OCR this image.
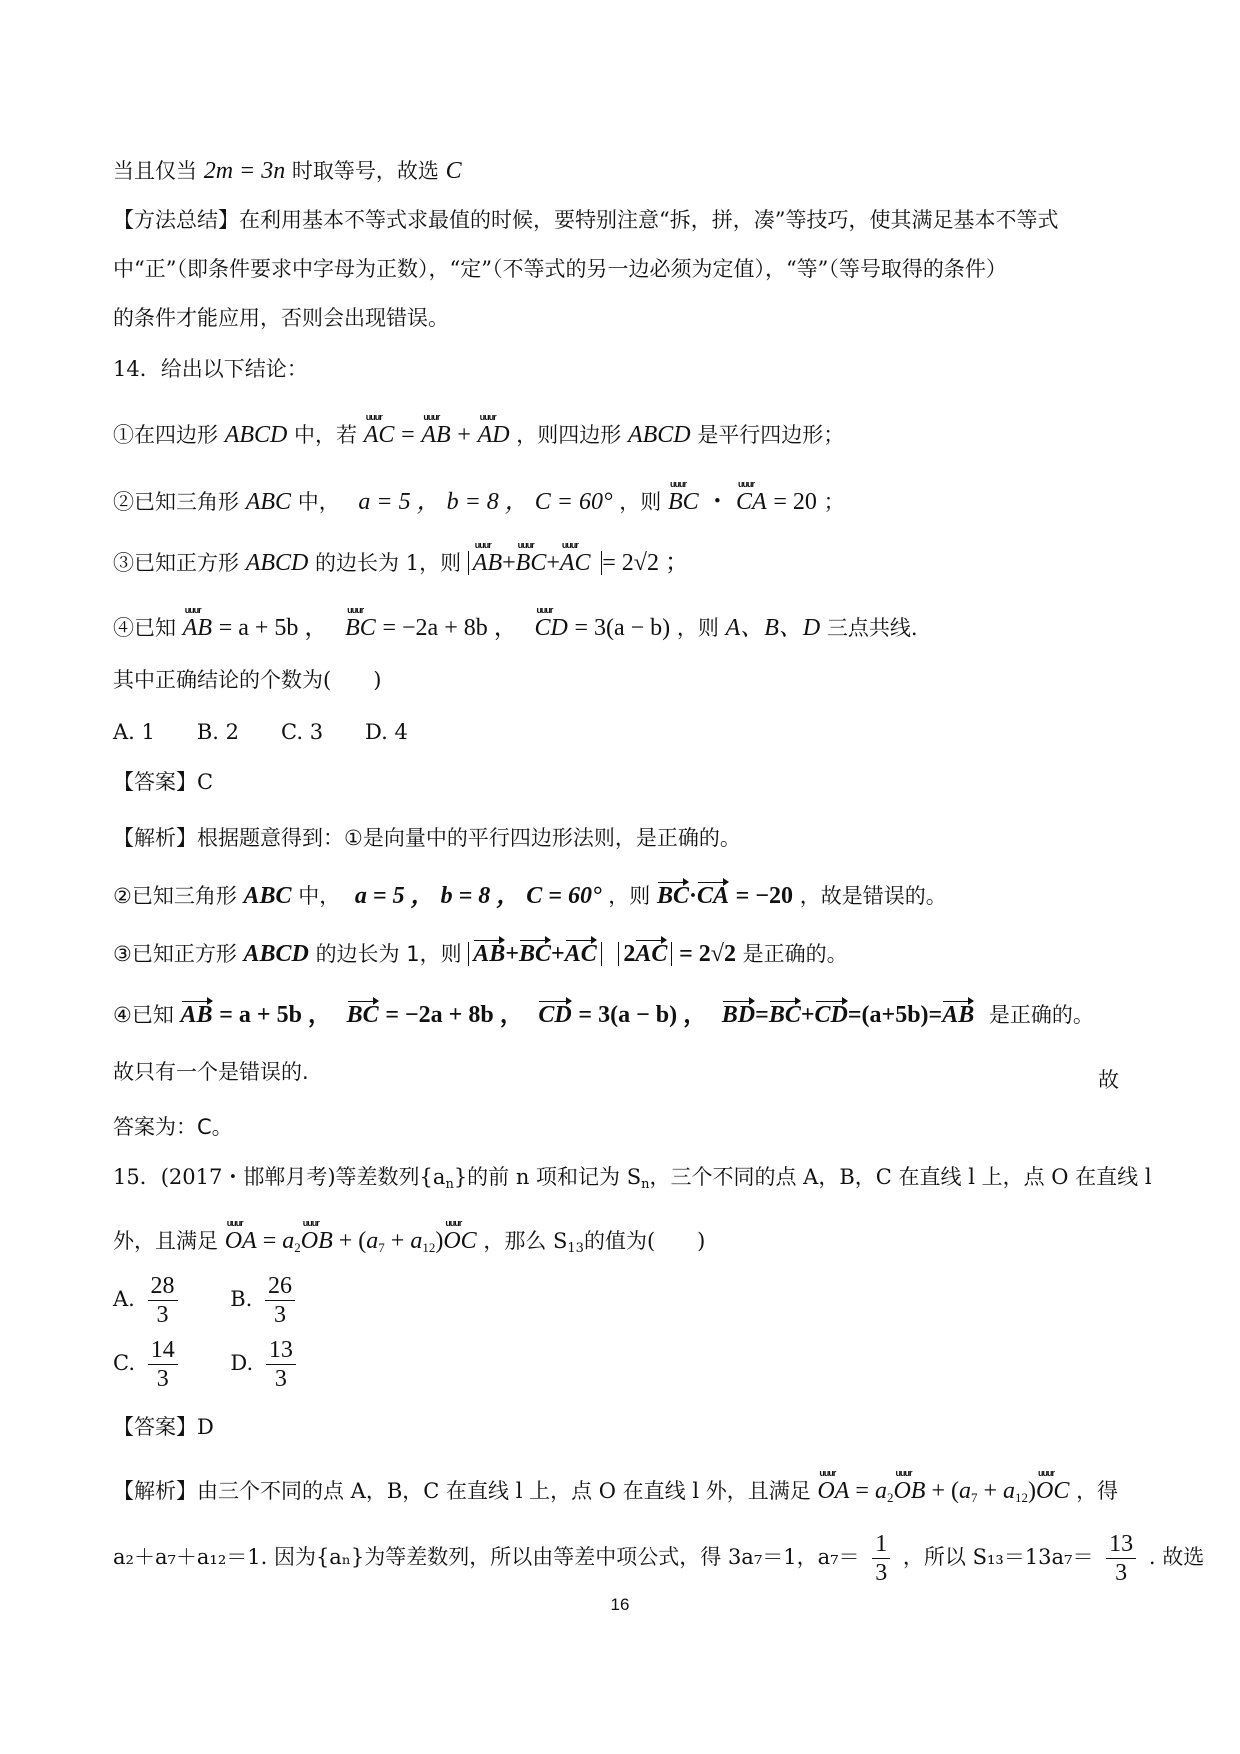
当且仅当 2m = 3n 时取等号，故选 C
【方法总结】在利用基本不等式求最值的时候，要特别注意“拆，拼，凑”等技巧，使其满足基本不等式
中“正”（即条件要求中字母为正数），“定”（不等式的另一边必须为定值），“等”（等号取得的条件）
的条件才能应用，否则会出现错误。
14．给出以下结论：
①在四边形 ABCD 中，若 uuur AC = uuur AB + uuur AD ，则四边形 ABCD 是平行四边形；
②已知三角形 ABC 中， a = 5 ， b = 8 ， C = 60° ，则 uuur BC ・ uuur CA = 20 ；
③已知正方形 ABCD 的边长为 1，则 uuur AB+uuur BC+uuur AC = 2√2 ；
④已知 uuur AB = a + 5b ， uuur BC = −2a + 8b ， uuur CD = 3(a − b) ，则 A、B、D 三点共线.
其中正确结论的个数为(　　)
A. 1　　B. 2　　C. 3　　D. 4
【答案】C
【解析】根据题意得到：①是向量中的平行四边形法则，是正确的。
②已知三角形 ABC 中， a = 5 ， b = 8 ， C = 60° ，则 BC·CA = −20 ，故是错误的。
③已知正方形 ABCD 的边长为 1，则 AB+BC+AC 2AC = 2√2 是正确的。
④已知 AB = a + 5b ， BC = −2a + 8b ， CD = 3(a − b) ， BD=BC+CD=(a+5b)=AB 是正确的。
故只有一个是错误的.	故
答案为：C。
15．(2017・邯郸月考)等差数列$\{a_n\}$的前 n 项和记为 $S_n$，三个不同的点 A，B，C 在直线 l 上，点 O 在直线 l
外，且满足 uuur OA = $a_2uuur$ OB + ($a_7$ + $a_{12})uuur$ OC ，那么 $S_{13}$的值为(　　)
A. $\frac{28}{3}$	B. $\frac{26}{3}$
C. $\frac{14}{3}$	D. $\frac{13}{3}$
【答案】D
【解析】由三个不同的点 A，B，C 在直线 l 上，点 O 在直线 l 外，且满足 uuur OA = $a_2uuur$ OB + ($a_7$ + $a_{12})uuur$ OC ，得
a₂＋a₇＋a₁₂＝1. 因为{aₙ}为等差数列，所以由等差中项公式，得 3a₇＝1，$a_7= \frac{1}{3}$ ，所以 $S_{13}=13a_7= \frac{13}{3}$ . 故选
16
